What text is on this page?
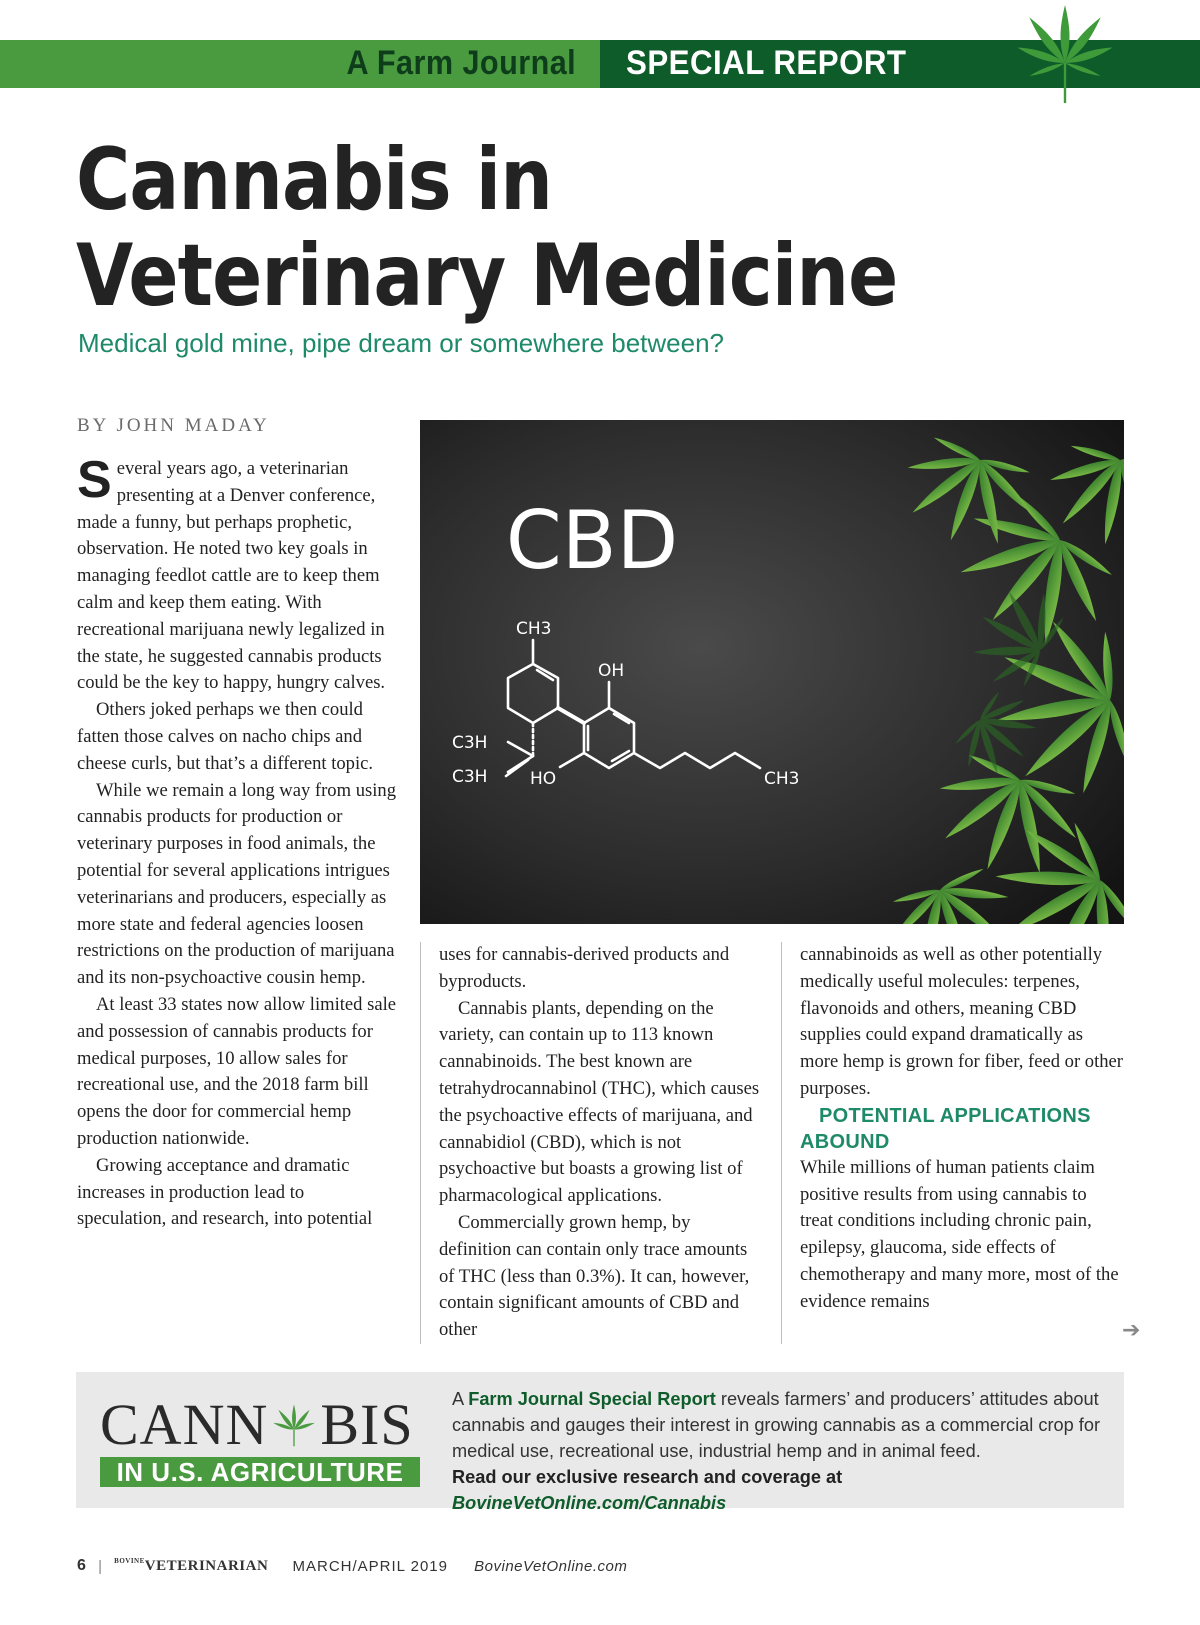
A Farm Journal SPECIAL REPORT
Cannabis in
Veterinary Medicine
Medical gold mine, pipe dream or somewhere between?
BY JOHN MADAY

Several years ago, a veterinarian presenting at a Denver conference, made a funny, but perhaps prophetic, observation. He noted two key goals in managing feedlot cattle are to keep them calm and keep them eating. With recreational marijuana newly legalized in the state, he suggested cannabis products could be the key to happy, hungry calves.

Others joked perhaps we then could fatten those calves on nacho chips and cheese curls, but that’s a different topic.

While we remain a long way from using cannabis products for production or veterinary purposes in food animals, the potential for several applications intrigues veterinarians and producers, especially as more state and federal agencies loosen restrictions on the production of marijuana and its non-psychoactive cousin hemp.

At least 33 states now allow limited sale and possession of cannabis products for medical purposes, 10 allow sales for recreational use, and the 2018 farm bill opens the door for commercial hemp production nationwide.

Growing acceptance and dramatic increases in production lead to speculation, and research, into potential

CBD
CH3
OH
C3H
C3H	HO	CH3

uses for cannabis-derived products and byproducts.

Cannabis plants, depending on the variety, can contain up to 113 known cannabinoids. The best known are tetrahydrocannabinol (THC), which causes the psychoactive effects of marijuana, and cannabidiol (CBD), which is not psychoactive but boasts a growing list of pharmacological applications.

Commercially grown hemp, by definition can contain only trace amounts of THC (less than 0.3%). It can, however, contain significant amounts of CBD and other

cannabinoids as well as other potentially medically useful molecules: terpenes, flavonoids and others, meaning CBD supplies could expand dramatically as more hemp is grown for fiber, feed or other purposes.

POTENTIAL APPLICATIONS ABOUND

While millions of human patients claim positive results from using cannabis to treat conditions including chronic pain, epilepsy, glaucoma, side effects of chemotherapy and many more, most of the evidence remains

➔
CANN BIS
IN U.S. AGRICULTURE
A Farm Journal Special Report reveals farmers’ and producers’ attitudes about cannabis and gauges their interest in growing cannabis as a commercial crop for medical use, recreational use, industrial hemp and in animal feed.
Read our exclusive research and coverage at BovineVetOnline.com/Cannabis
6 | $^{BOVINE}$VETERINARIAN MARCH/APRIL 2019 BovineVetOnline.com
